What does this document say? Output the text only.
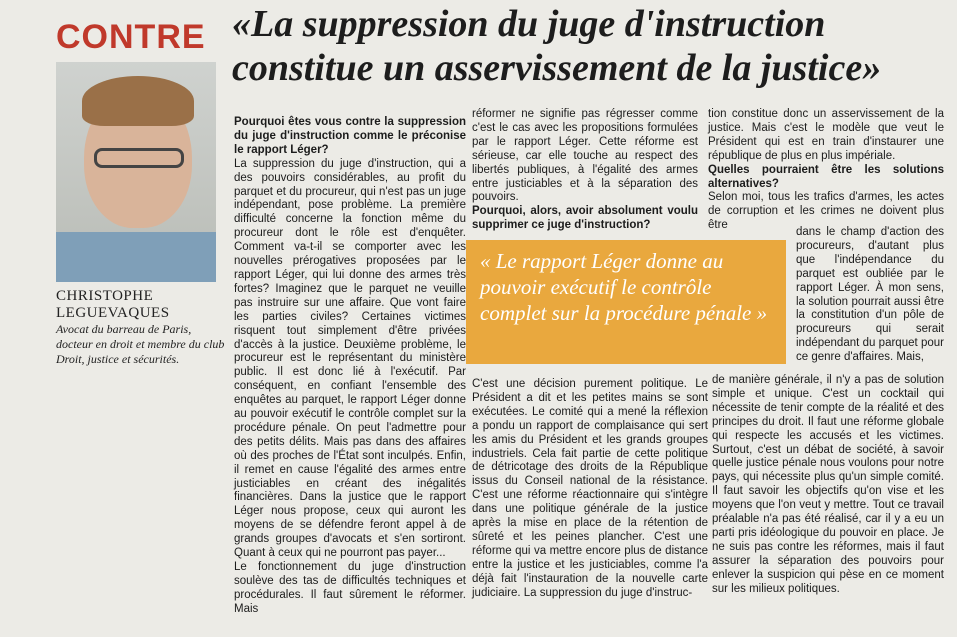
CONTRE «La suppression du juge d'instruction constitue un asservissement de la justice»
CHRISTOPHE
LEGUEVAQUES
Avocat du barreau de Paris, docteur en droit et membre du club Droit, justice et sécurités.

Pourquoi êtes vous contre la suppression du juge d'instruction comme le préconise le rapport Léger?

La suppression du juge d'instruction, qui a des pouvoirs considérables, au profit du parquet et du procureur, qui n'est pas un juge indépendant, pose problème. La première difficulté concerne la fonction même du procureur dont le rôle est d'enquêter. Comment va-t-il se comporter avec les nouvelles prérogatives proposées par le rapport Léger, qui lui donne des armes très fortes? Imaginez que le parquet ne veuille pas instruire sur une affaire. Que vont faire les parties civiles? Certaines victimes risquent tout simplement d'être privées d'accès à la justice. Deuxième problème, le procureur est le représentant du ministère public. Il est donc lié à l'exécutif. Par conséquent, en confiant l'ensemble des enquêtes au parquet, le rapport Léger donne au pouvoir exécutif le contrôle complet sur la procédure pénale. On peut l'admettre pour des petits délits. Mais pas dans des affaires où des proches de l'État sont inculpés. Enfin, il remet en cause l'égalité des armes entre justiciables en créant des inégalités financières. Dans la justice que le rapport Léger nous propose, ceux qui auront les moyens de se défendre feront appel à de grands groupes d'avocats et s'en sortiront. Quant à ceux qui ne pourront pas payer...

Le fonctionnement du juge d'instruction soulève des tas de difficultés techniques et procédurales. Il faut sûrement le réformer. Mais

réformer ne signifie pas régresser comme c'est le cas avec les propositions formulées par le rapport Léger. Cette réforme est sérieuse, car elle touche au respect des libertés publiques, à l'égalité des armes entre justiciables et à la séparation des pouvoirs.

Pourquoi, alors, avoir absolument voulu supprimer ce juge d'instruction?

« Le rapport Léger donne au pouvoir exécutif le contrôle complet sur la procédure pénale »

C'est une décision purement politique. Le Président a dit et les petites mains se sont exécutées. Le comité qui a mené la réflexion a pondu un rapport de complaisance qui sert les amis du Président et les grands groupes industriels. Cela fait partie de cette politique de détricotage des droits de la République issus du Conseil national de la résistance. C'est une réforme réactionnaire qui s'intègre dans une politique générale de la justice après la mise en place de la rétention de sûreté et les peines plancher. C'est une réforme qui va mettre encore plus de distance entre la justice et les justiciables, comme l'a déjà fait l'instauration de la nouvelle carte judiciaire. La suppression du juge d'instruc-

tion constitue donc un asservissement de la justice. Mais c'est le modèle que veut le Président qui est en train d'instaurer une république de plus en plus impériale.

Quelles pourraient être les solutions alternatives?

Selon moi, tous les trafics d'armes, les actes de corruption et les crimes ne doivent plus être

dans le champ d'action des procureurs, d'autant plus que l'indépendance du parquet est oubliée par le rapport Léger. À mon sens, la solution pourrait aussi être la constitution d'un pôle de procureurs qui serait indépendant du parquet pour ce genre d'affaires. Mais,

de manière générale, il n'y a pas de solution simple et unique. C'est un cocktail qui nécessite de tenir compte de la réalité et des principes du droit. Il faut une réforme globale qui respecte les accusés et les victimes. Surtout, c'est un débat de société, à savoir quelle justice pénale nous voulons pour notre pays, qui nécessite plus qu'un simple comité. Il faut savoir les objectifs qu'on vise et les moyens que l'on veut y mettre. Tout ce travail préalable n'a pas été réalisé, car il y a eu un parti pris idéologique du pouvoir en place. Je ne suis pas contre les réformes, mais il faut assurer la séparation des pouvoirs pour enlever la suspicion qui pèse en ce moment sur les milieux politiques.
